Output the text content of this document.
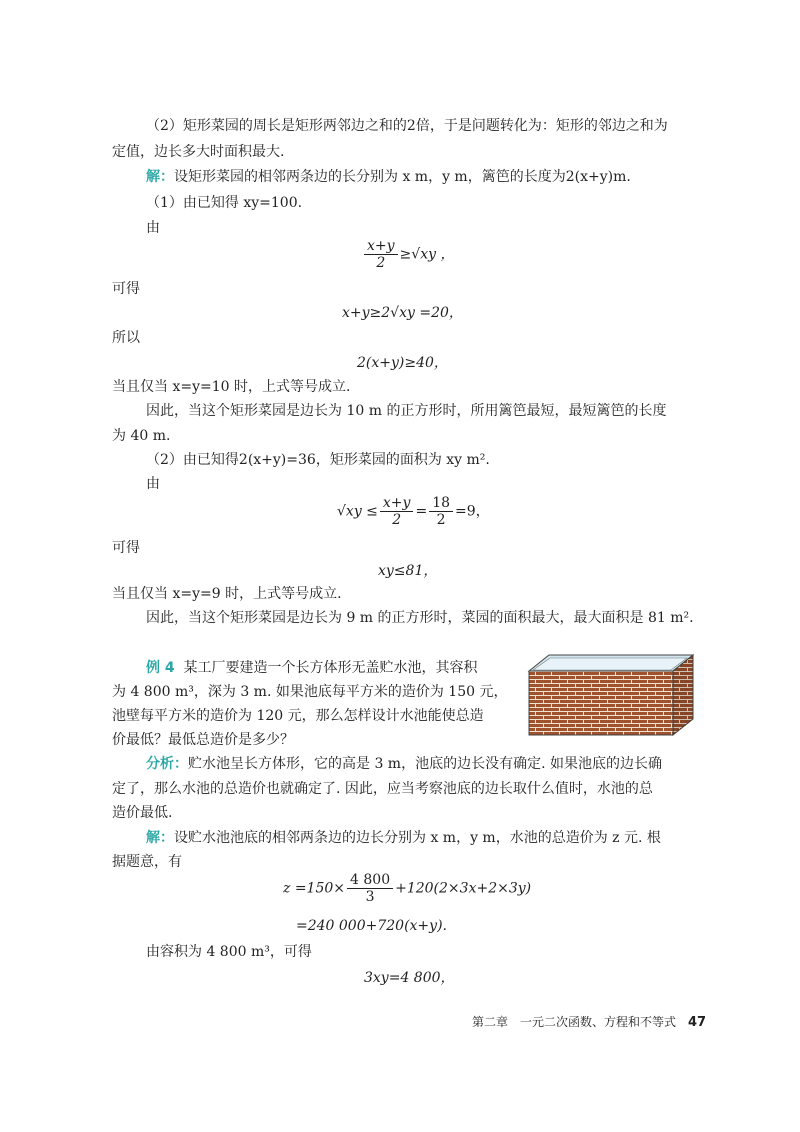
（2）矩形菜园的周长是矩形两邻边之和的2倍，于是问题转化为：矩形的邻边之和为
定值，边长多大时面积最大.
解：设矩形菜园的相邻两条边的长分别为 x m，y m，篱笆的长度为2(x+y)m.
（1）由已知得 xy=100.
由
$\frac{x+y}{2} \ge√xy$ ，
可得
x+y≥2√xy =20，
所以
2(x+y)≥40，
当且仅当 x=y=10 时，上式等号成立.
因此，当这个矩形菜园是边长为 10 m 的正方形时，所用篱笆最短，最短篱笆的长度
为 40 m.
（2）由已知得2(x+y)=36，矩形菜园的面积为 xy m².
由
$√xy \le \frac{x+y}{2} = \frac{18}{2} =9$，
可得
xy≤81，
当且仅当 x=y=9 时，上式等号成立.
因此，当这个矩形菜园是边长为 9 m 的正方形时，菜园的面积最大，最大面积是 81 m².
例 4 某工厂要建造一个长方体形无盖贮水池，其容积
为 4 800 m³，深为 3 m. 如果池底每平方米的造价为 150 元，
池壁每平方米的造价为 120 元，那么怎样设计水池能使总造
价最低？最低总造价是多少？
分析：贮水池呈长方体形，它的高是 3 m，池底的边长没有确定. 如果池底的边长确
定了，那么水池的总造价也就确定了. 因此，应当考察池底的边长取什么值时，水池的总
造价最低.
解：设贮水池池底的相邻两条边的边长分别为 x m，y m，水池的总造价为 z 元. 根
据题意，有
$z =150\times \frac{4 800}{3} +120(2\times 3x+2\times 3y)$
=240 000+720(x+y).
由容积为 4 800 m³，可得
3xy=4 800，
第二章　一元二次函数、方程和不等式 47
